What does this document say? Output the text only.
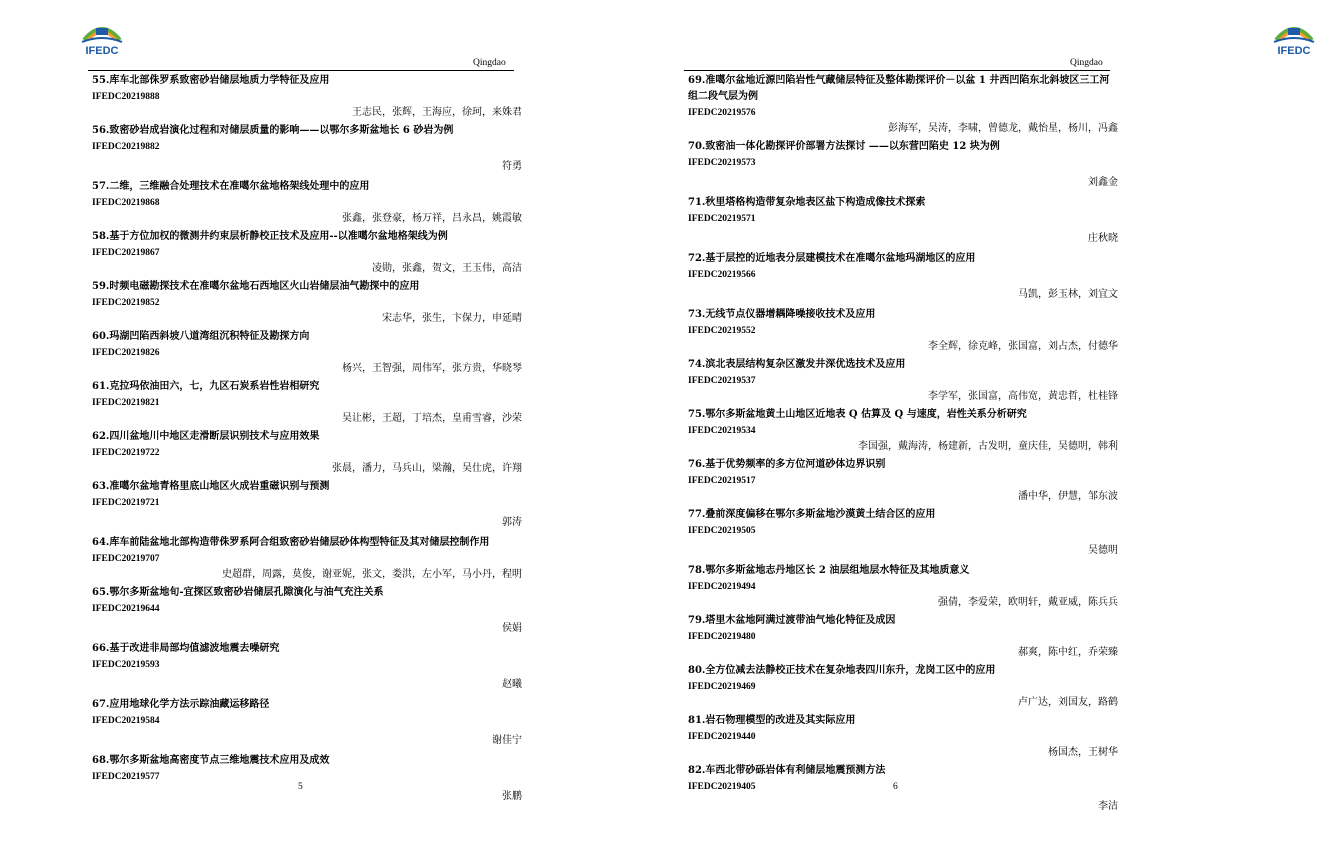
IFEDC
Qingdao
55.库车北部侏罗系致密砂岩储层地质力学特征及应用
IFEDC20219888
王志民，张辉，王海应，徐珂，来姝君
56.致密砂岩成岩演化过程和对储层质量的影响——以鄂尔多斯盆地长 6 砂岩为例
IFEDC20219882
符勇
57.二维，三维融合处理技术在准噶尔盆地格架线处理中的应用
IFEDC20219868
张鑫，张登豪，杨万祥，吕永昌，姚霞敏
58.基于方位加权的微测井约束层析静校正技术及应用--以准噶尔盆地格架线为例
IFEDC20219867
凌勋，张鑫，贺文，王玉伟，高洁
59.时频电磁勘探技术在准噶尔盆地石西地区火山岩储层油气勘探中的应用
IFEDC20219852
宋志华，张生，卞保力，申延晴
60.玛湖凹陷西斜坡八道湾组沉积特征及勘探方向
IFEDC20219826
杨兴，王智强，周伟军，张方贵，华晓琴
61.克拉玛依油田六，七，九区石炭系岩性岩相研究
IFEDC20219821
吴让彬，王超，丁培杰，皇甫雪睿，沙荣
62.四川盆地川中地区走滑断层识别技术与应用效果
IFEDC20219722
张晨，潘力，马兵山，梁瀚，吴仕虎，许翔
63.准噶尔盆地青格里底山地区火成岩重磁识别与预测
IFEDC20219721
郭涛
64.库车前陆盆地北部构造带侏罗系阿合组致密砂岩储层砂体构型特征及其对储层控制作用
IFEDC20219707
史超群，周露，莫俊，谢亚妮，张文，娄洪，左小军，马小丹，程明
65.鄂尔多斯盆地旬-宜探区致密砂岩储层孔隙演化与油气充注关系
IFEDC20219644
侯娟
66.基于改进非局部均值滤波地震去噪研究
IFEDC20219593
赵曦
67.应用地球化学方法示踪油藏运移路径
IFEDC20219584
谢佳宁
68.鄂尔多斯盆地高密度节点三维地震技术应用及成效
IFEDC20219577
张鹏
5
IFEDC
Qingdao
69.准噶尔盆地近源凹陷岩性气藏储层特征及整体勘探评价－以盆 1 井西凹陷东北斜坡区三工河组二段气层为例
IFEDC20219576
彭海军，吴涛，李啸，曾德龙，戴怡星，杨川，冯鑫
70.致密油一体化勘探评价部署方法探讨 ——以东营凹陷史 12 块为例
IFEDC20219573
刘鑫金
71.秋里塔格构造带复杂地表区盐下构造成像技术探索
IFEDC20219571
庄秋晓
72.基于层控的近地表分层建模技术在准噶尔盆地玛湖地区的应用
IFEDC20219566
马凯，彭玉林，刘宜文
73.无线节点仪器增耦降噪接收技术及应用
IFEDC20219552
李全辉，徐克峰，张国富，刘占杰，付德华
74.滨北表层结构复杂区激发井深优选技术及应用
IFEDC20219537
李学军，张国富，高伟宽，黄忠哲，杜桂锋
75.鄂尔多斯盆地黄土山地区近地表 Q 估算及 Q 与速度，岩性关系分析研究
IFEDC20219534
李国强，戴海涛，杨建新，古发明，童庆佳，吴德明，韩利
76.基于优势频率的多方位河道砂体边界识别
IFEDC20219517
潘中华，伊慧，邹东波
77.叠前深度偏移在鄂尔多斯盆地沙漠黄土结合区的应用
IFEDC20219505
吴德明
78.鄂尔多斯盆地志丹地区长 2 油层组地层水特征及其地质意义
IFEDC20219494
强倩，李爱荣，欧明轩，戴亚威，陈兵兵
79.塔里木盆地阿满过渡带油气地化特征及成因
IFEDC20219480
郝爽，陈中红，乔荣臻
80.全方位减去法静校正技术在复杂地表四川东升，龙岗工区中的应用
IFEDC20219469
卢广达，刘国友，路鹤
81.岩石物理模型的改进及其实际应用
IFEDC20219440
杨国杰，王树华
82.车西北带砂砾岩体有利储层地震预测方法
IFEDC20219405
李洁
6
